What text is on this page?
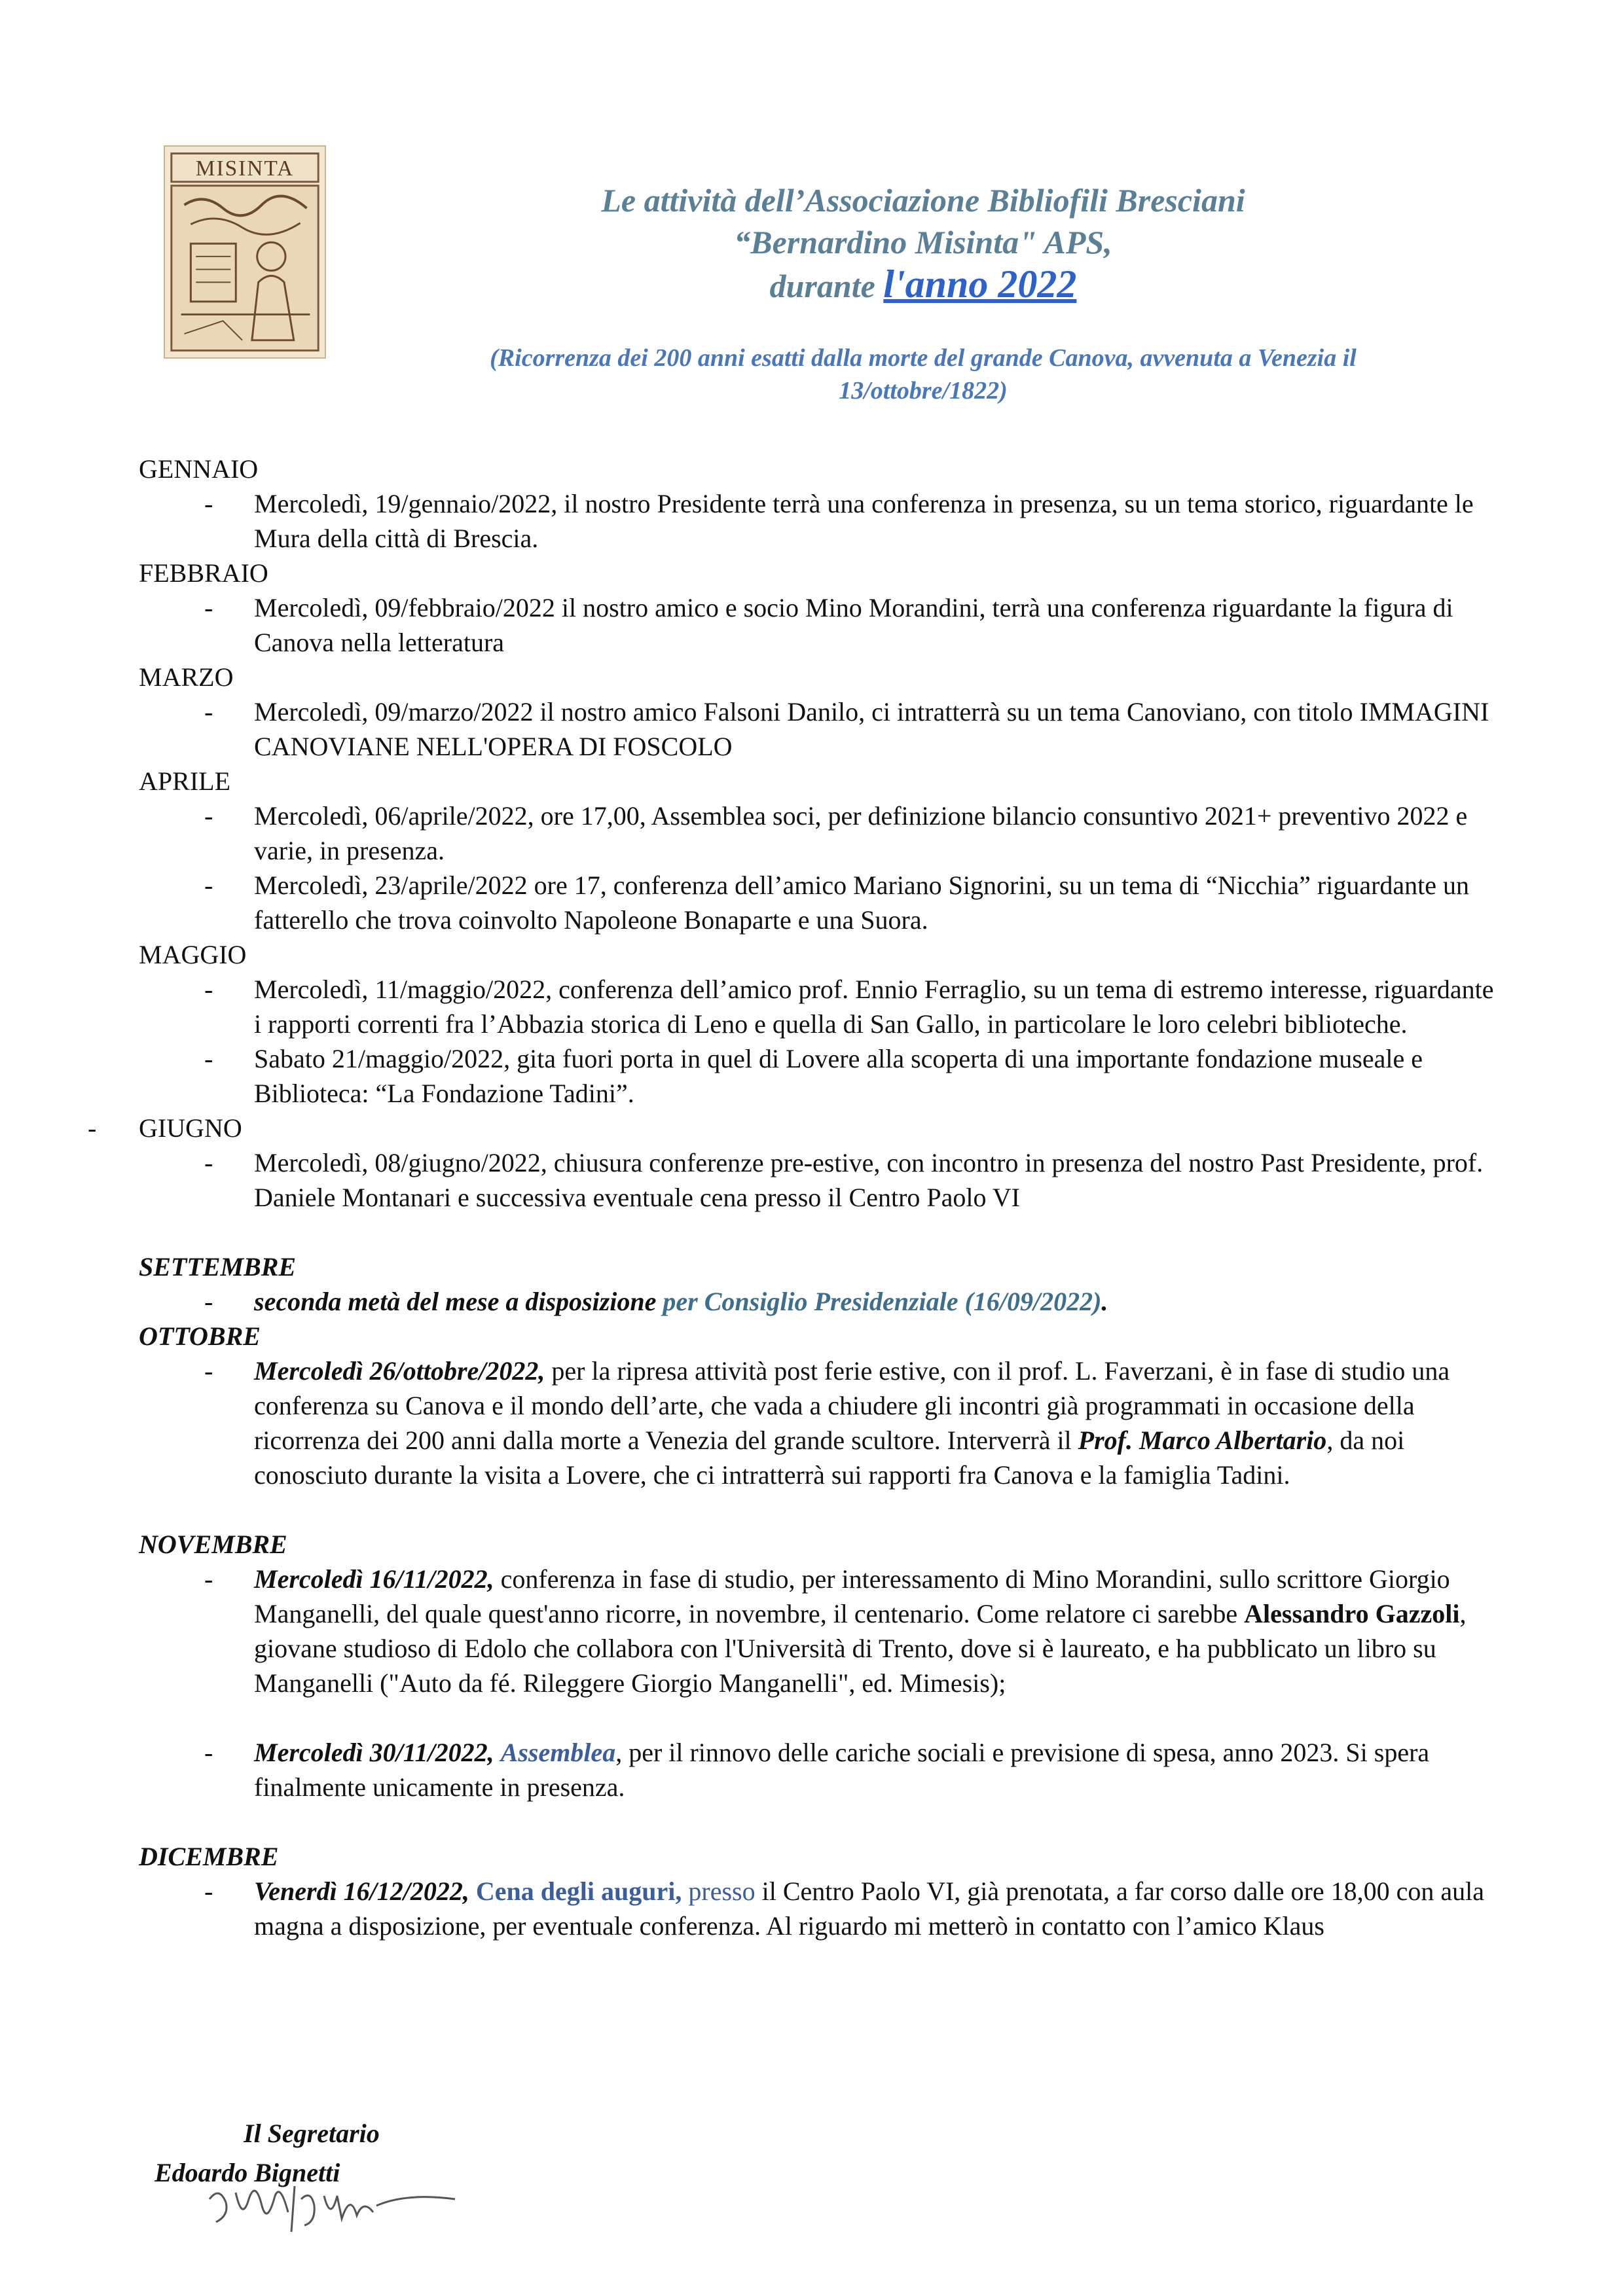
MISINTA
Le attività dell’Associazione Bibliofili Bresciani
“Bernardino Misinta" APS,
durante l'anno 2022
(Ricorrenza dei 200 anni esatti dalla morte del grande Canova, avvenuta a Venezia il
13/ottobre/1822)

GENNAIO

- Mercoledì, 19/gennaio/2022, il nostro Presidente terrà una conferenza in presenza, su un tema storico, riguardante le Mura della città di Brescia.

FEBBRAIO

- Mercoledì, 09/febbraio/2022 il nostro amico e socio Mino Morandini, terrà una conferenza riguardante la figura di Canova nella letteratura

MARZO

- Mercoledì, 09/marzo/2022 il nostro amico Falsoni Danilo, ci intratterrà su un tema Canoviano, con titolo IMMAGINI CANOVIANE NELL'OPERA DI FOSCOLO

APRILE

- Mercoledì, 06/aprile/2022, ore 17,00, Assemblea soci, per definizione bilancio consuntivo 2021+ preventivo 2022 e varie, in presenza.

- Mercoledì, 23/aprile/2022 ore 17, conferenza dell’amico Mariano Signorini, su un tema di “Nicchia” riguardante un fatterello che trova coinvolto Napoleone Bonaparte e una Suora.

MAGGIO

- Mercoledì, 11/maggio/2022, conferenza dell’amico prof. Ennio Ferraglio, su un tema di estremo interesse, riguardante i rapporti correnti fra l’Abbazia storica di Leno e quella di San Gallo, in particolare le loro celebri biblioteche.

- Sabato 21/maggio/2022, gita fuori porta in quel di Lovere alla scoperta di una importante fondazione museale e Biblioteca: “La Fondazione Tadini”.

- GIUGNO

- Mercoledì, 08/giugno/2022, chiusura conferenze pre-estive, con incontro in presenza del nostro Past Presidente, prof. Daniele Montanari e successiva eventuale cena presso il Centro Paolo VI

SETTEMBRE

- seconda metà del mese a disposizione per Consiglio Presidenziale (16/09/2022).

OTTOBRE

- Mercoledì 26/ottobre/2022, per la ripresa attività post ferie estive, con il prof. L. Faverzani, è in fase di studio una conferenza su Canova e il mondo dell’arte, che vada a chiudere gli incontri già programmati in occasione della ricorrenza dei 200 anni dalla morte a Venezia del grande scultore. Interverrà il Prof. Marco Albertario, da noi conosciuto durante la visita a Lovere, che ci intratterrà sui rapporti fra Canova e la famiglia Tadini.

NOVEMBRE

- Mercoledì 16/11/2022, conferenza in fase di studio, per interessamento di Mino Morandini, sullo scrittore Giorgio Manganelli, del quale quest'anno ricorre, in novembre, il centenario. Come relatore ci sarebbe Alessandro Gazzoli, giovane studioso di Edolo che collabora con l'Università di Trento, dove si è laureato, e ha pubblicato un libro su Manganelli ("Auto da fé. Rileggere Giorgio Manganelli", ed. Mimesis);

- Mercoledì 30/11/2022, Assemblea, per il rinnovo delle cariche sociali e previsione di spesa, anno 2023. Si spera finalmente unicamente in presenza.

DICEMBRE

- Venerdì 16/12/2022, Cena degli auguri, presso il Centro Paolo VI, già prenotata, a far corso dalle ore 18,00 con aula magna a disposizione, per eventuale conferenza. Al riguardo mi metterò in contatto con l’amico Klaus

Il Segretario
Edoardo Bignetti
